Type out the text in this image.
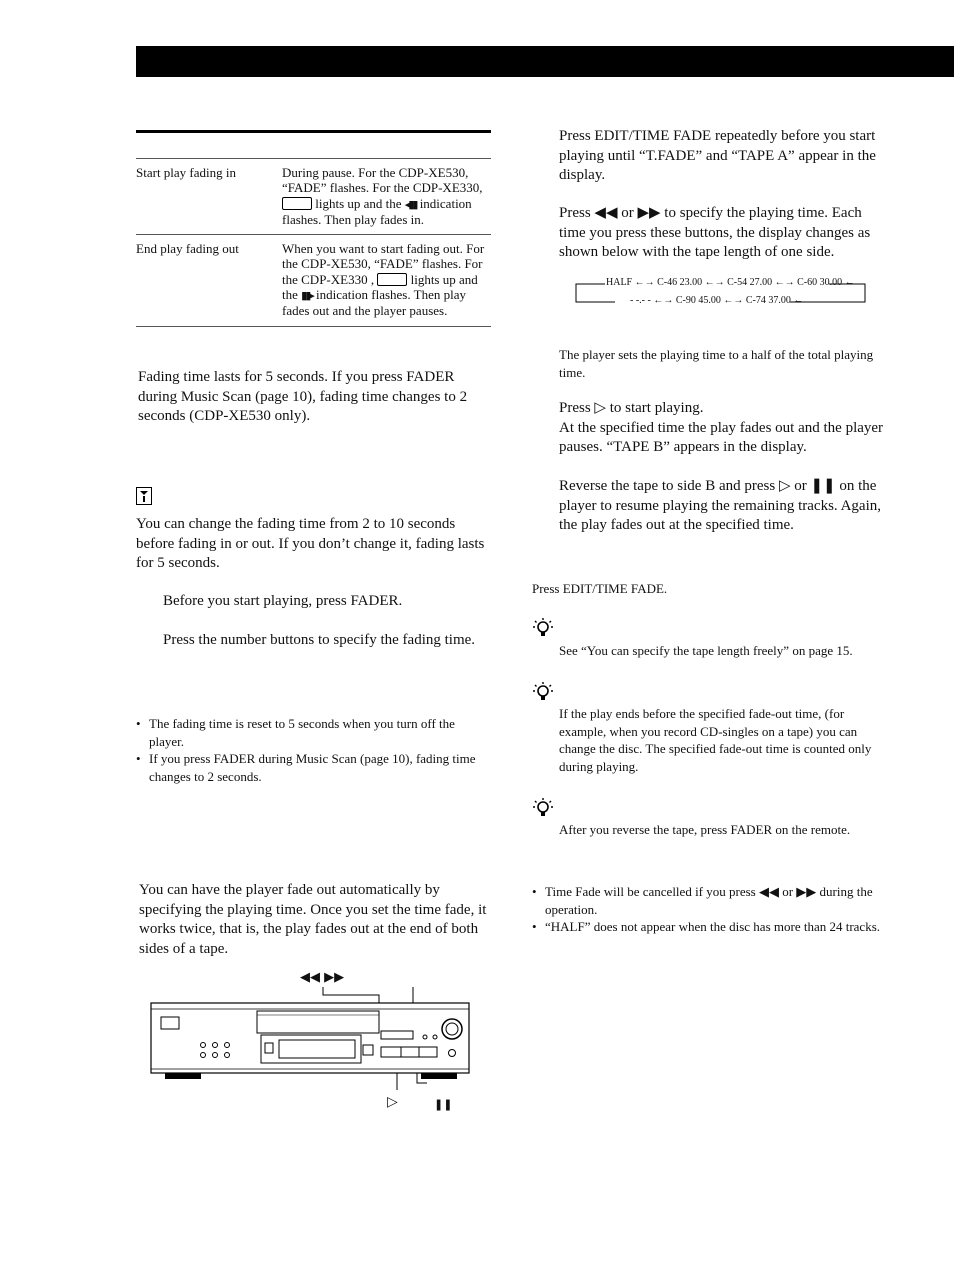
Start play fading in	During pause. For the CDP-XE530, “FADE” flashes. For the CDP-XE330,  lights up and the ◂▮▮ indication flashes. Then play fades in.
End play fading out	When you want to start fading out. For the CDP-XE530, “FADE” flashes. For the CDP-XE330 ,  lights up and the ▮▮▸ indication flashes. Then play fades out and the player pauses.
Fading time lasts for 5 seconds. If you press FADER during Music Scan (page 10), fading time changes to 2 seconds (CDP-XE530 only).
You can change the fading time from 2 to 10 seconds before fading in or out. If you don’t change it, fading lasts for 5 seconds.
Before you start playing, press FADER.
Press the number buttons to specify the fading time.
• The fading time is reset to 5 seconds when you turn off the player.
• If you press FADER during Music Scan (page 10), fading time changes to 2 seconds.
You can have the player fade out automatically by specifying the playing time. Once you set the time fade, it works twice, that is, the play fades out at the end of both sides of a tape.
◀◀ ▶▶
▷	❚❚
Press EDIT/TIME FADE repeatedly before you start playing until “T.FADE” and “TAPE A” appear in the display.
Press ◀◀ or ▶▶ to specify the playing time. Each time you press these buttons, the display changes as shown below with the tape length of one side.
HALF ←→ C-46 23.00 ←→ C-54 27.00 ←→ C-60 30.00 ←
- -.- - ←→ C-90 45.00 ←→ C-74 37.00 ←
The player sets the playing time to a half of the total playing time.
Press ▷ to start playing.
At the specified time the play fades out and the player pauses. “TAPE B” appears in the display.
Reverse the tape to side B and press ▷ or ❚❚ on the player to resume playing the remaining tracks. Again, the play fades out at the specified time.
Press EDIT/TIME FADE.
See “You can specify the tape length freely” on page 15.
If the play ends before the specified fade-out time, (for example, when you record CD-singles on a tape) you can change the disc. The specified fade-out time is counted only during playing.
After you reverse the tape, press FADER on the remote.
• Time Fade will be cancelled if you press ◀◀ or ▶▶ during the operation.
• “HALF” does not appear when the disc has more than 24 tracks.
